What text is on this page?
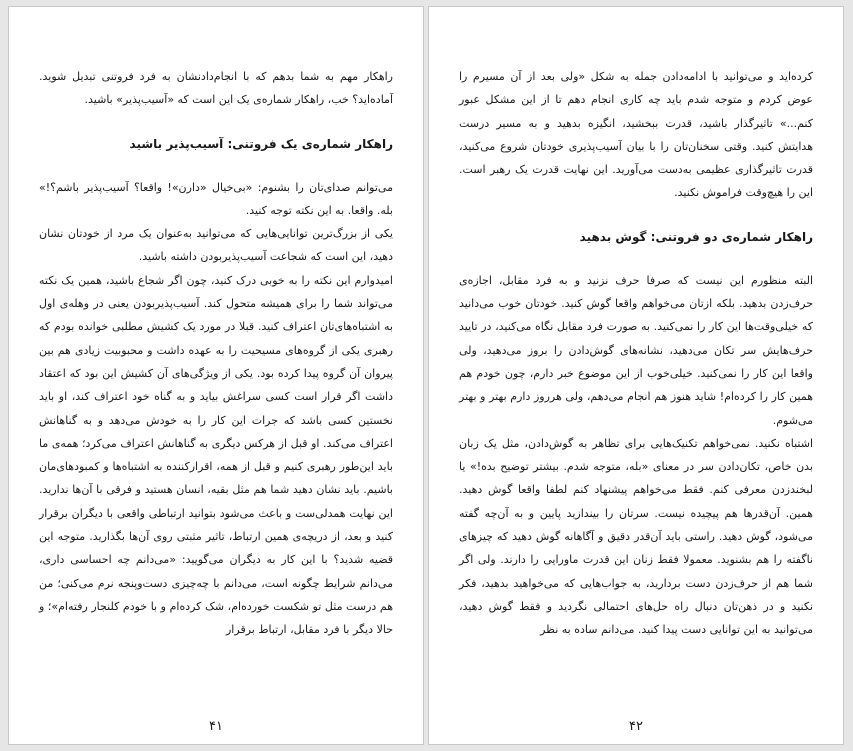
راهکار مهم به شما بدهم که با انجام‌دادنشان به فرد فروتنی تبدیل شوید. آماده‌اید؟ خب، راهکار شماره‌ی یک این است که «آسیب‌پذیر» باشید.

راهکار شماره‌ی یک فروتنی: آسیب‌پذیر باشید

می‌توانم صدای‌تان را بشنوم: «بی‌خیال «دارن»! واقعا؟ آسیب‌پذیر باشم؟!» بله. واقعا. به این نکته توجه کنید.

یکی از بزرگ‌ترین توانایی‌هایی که می‌توانید به‌عنوان یک مرد از خودتان نشان دهید، این است که شجاعت آسیب‌پذیربودن داشته باشید.

امیدوارم این نکته را به خوبی درک کنید، چون اگر شجاع باشید، همین یک نکته می‌تواند شما را برای همیشه متحول کند. آسیب‌پذیربودن یعنی در وهله‌ی اول به اشتباه‌های‌تان اعتراف کنید. قبلا در مورد یک کشیش مطلبی خوانده بودم که رهبری یکی از گروه‌های مسیحیت را به عهده داشت و محبوبیت زیادی هم بین پیروان آن گروه پیدا کرده بود. یکی از ویژگی‌های آن کشیش این بود که اعتقاد داشت اگر قرار است کسی سراغش بیاید و به گناه خود اعتراف کند، او باید نخستین کسی باشد که جرات این کار را به خودش می‌دهد و به گناهانش اعتراف می‌کند. او قبل از هرکس دیگری به گناهانش اعتراف می‌کرد؛ همه‌ی ما باید این‌طور رهبری کنیم و قبل از همه، اقرارکننده به اشتباه‌ها و کمبودهای‌مان باشیم. باید نشان دهید شما هم مثل بقیه، انسان هستید و فرقی با آن‌ها ندارید. این نهایت همدلی‌ست و باعث می‌شود بتوانید ارتباطی واقعی با دیگران برقرار کنید و بعد، از دریچه‌ی همین ارتباط، تاثیر مثبتی روی آن‌ها بگذارید. متوجه این قضیه شدید؟ با این کار به دیگران می‌گویید: «می‌دانم چه احساسی داری، می‌دانم شرایط چگونه است، می‌دانم با چه‌چیزی دست‌وپنجه نرم می‌کنی؛ من هم درست مثل تو شکست خورده‌ام، شک کرده‌ام و با خودم کلنجار رفته‌ام»؛ و حالا دیگر با فرد مقابل، ارتباط برقرار

۴۱

کرده‌اید و می‌توانید با ادامه‌دادن جمله به شکل «ولی بعد از آن مسیرم را عوض کردم و متوجه شدم باید چه کاری انجام دهم تا از این مشکل عبور کنم...» تاثیرگذار باشید، قدرت ببخشید، انگیزه بدهید و به مسیر درست هدایتش کنید. وقتی سخنان‌تان را با بیان آسیب‌پذیری خودتان شروع می‌کنید، قدرت تاثیرگذاری عظیمی به‌دست می‌آورید. این نهایت قدرت یک رهبر است. این را هیچ‌وقت فراموش نکنید.

راهکار شماره‌ی دو فروتنی: گوش بدهید

البته منظورم این نیست که صرفا حرف نزنید و به فرد مقابل، اجازه‌ی حرف‌زدن بدهید. بلکه ازتان می‌خواهم واقعا گوش کنید. خودتان خوب می‌دانید که خیلی‌وقت‌ها این کار را نمی‌کنید. به صورت فرد مقابل نگاه می‌کنید، در تایید حرف‌هایش سر تکان می‌دهید، نشانه‌های گوش‌دادن را بروز می‌دهید، ولی واقعا این کار را نمی‌کنید. خیلی‌خوب از این موضوع خبر دارم، چون خودم هم همین کار را کرده‌ام! شاید هنوز هم انجام می‌دهم، ولی هرروز دارم بهتر و بهتر می‌شوم.

اشتباه نکنید. نمی‌خواهم تکنیک‌هایی برای تظاهر به گوش‌دادن، مثل یک زبان بدن خاص، تکان‌دادن سر در معنای «بله، متوجه شدم. بیشتر توضیح بده!» یا لبخندزدن معرفی کنم. فقط می‌خواهم پیشنهاد کنم لطفا واقعا گوش دهید. همین. آن‌قدرها هم پیچیده نیست. سرتان را بیندازید پایین و به آن‌چه گفته می‌شود، گوش دهید. راستی باید آن‌قدر دقیق و آگاهانه گوش دهید که چیزهای ناگفته را هم بشنوید. معمولا فقط زنان این قدرت ماورایی را دارند. ولی اگر شما هم از حرف‌زدن دست بردارید، به جواب‌هایی که می‌خواهید بدهید، فکر نکنید و در ذهن‌تان دنبال راه حل‌های احتمالی نگردید و فقط گوش دهید، می‌توانید به این توانایی دست پیدا کنید. می‌دانم ساده به نظر

۴۲
